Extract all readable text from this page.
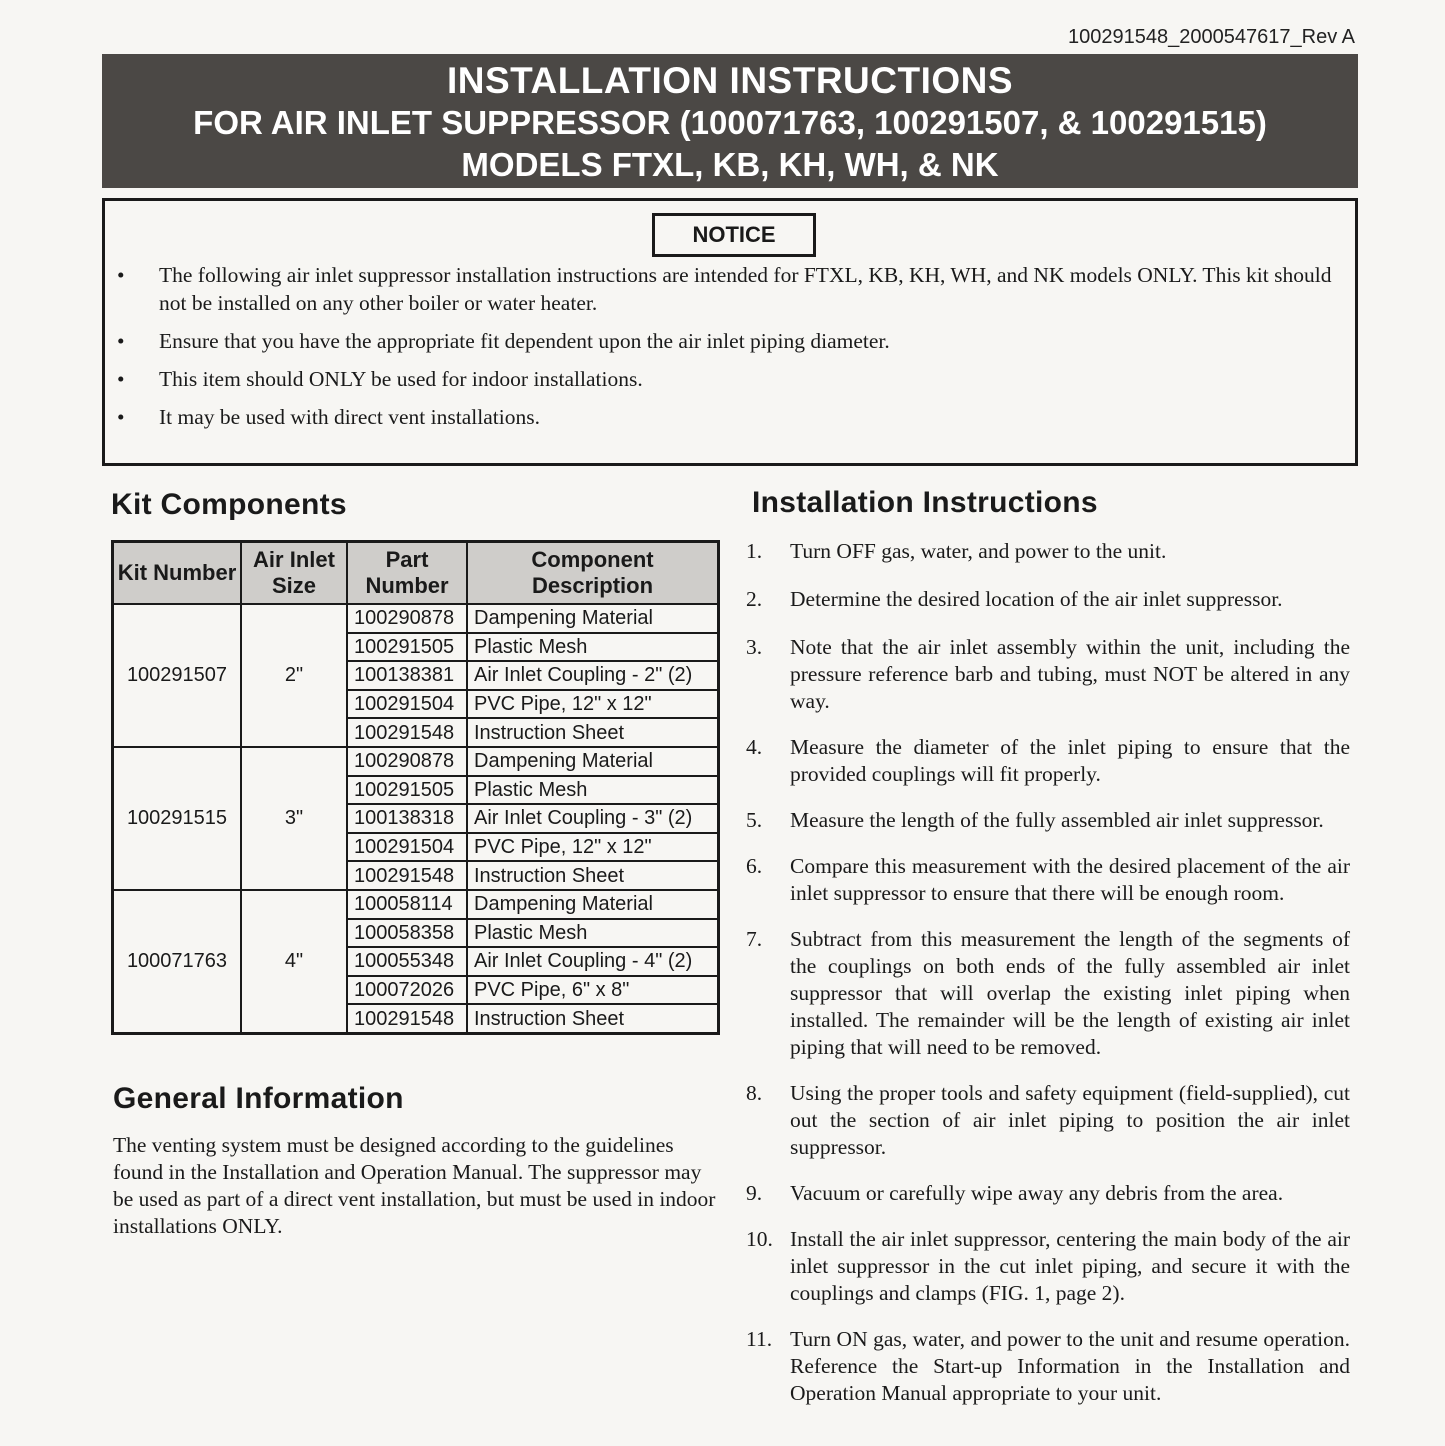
100291548_2000547617_Rev A
INSTALLATION INSTRUCTIONS
FOR AIR INLET SUPPRESSOR (100071763, 100291507, & 100291515)
MODELS FTXL, KB, KH, WH, & NK
NOTICE
• The following air inlet suppressor installation instructions are intended for FTXL, KB, KH, WH, and NK models ONLY. This kit should not be installed on any other boiler or water heater.
• Ensure that you have the appropriate fit dependent upon the air inlet piping diameter.
• This item should ONLY be used for indoor installations.
• It may be used with direct vent installations.
Kit Components
Kit Number	Air Inlet Size	Part Number	Component Description
100291507	2"	100290878	Dampening Material
		100291505	Plastic Mesh
		100138381	Air Inlet Coupling - 2" (2)
		100291504	PVC Pipe, 12" x 12"
		100291548	Instruction Sheet
100291515	3"	100290878	Dampening Material
		100291505	Plastic Mesh
		100138318	Air Inlet Coupling - 3" (2)
		100291504	PVC Pipe, 12" x 12"
		100291548	Instruction Sheet
100071763	4"	100058114	Dampening Material
		100058358	Plastic Mesh
		100055348	Air Inlet Coupling - 4" (2)
		100072026	PVC Pipe, 6" x 8"
		100291548	Instruction Sheet
General Information
The venting system must be designed according to the guidelines found in the Installation and Operation Manual. The suppressor may be used as part of a direct vent installation, but must be used in indoor installations ONLY.
Installation Instructions
1. Turn OFF gas, water, and power to the unit.
2. Determine the desired location of the air inlet suppressor.
3. Note that the air inlet assembly within the unit, including the pressure reference barb and tubing, must NOT be altered in any way.
4. Measure the diameter of the inlet piping to ensure that the provided couplings will fit properly.
5. Measure the length of the fully assembled air inlet suppressor.
6. Compare this measurement with the desired placement of the air inlet suppressor to ensure that there will be enough room.
7. Subtract from this measurement the length of the segments of the couplings on both ends of the fully assembled air inlet suppressor that will overlap the existing inlet piping when installed. The remainder will be the length of existing air inlet piping that will need to be removed.
8. Using the proper tools and safety equipment (field-supplied), cut out the section of air inlet piping to position the air inlet suppressor.
9. Vacuum or carefully wipe away any debris from the area.
10. Install the air inlet suppressor, centering the main body of the air inlet suppressor in the cut inlet piping, and secure it with the couplings and clamps (FIG. 1, page 2).
11. Turn ON gas, water, and power to the unit and resume operation. Reference the Start-up Information in the Installation and Operation Manual appropriate to your unit.
